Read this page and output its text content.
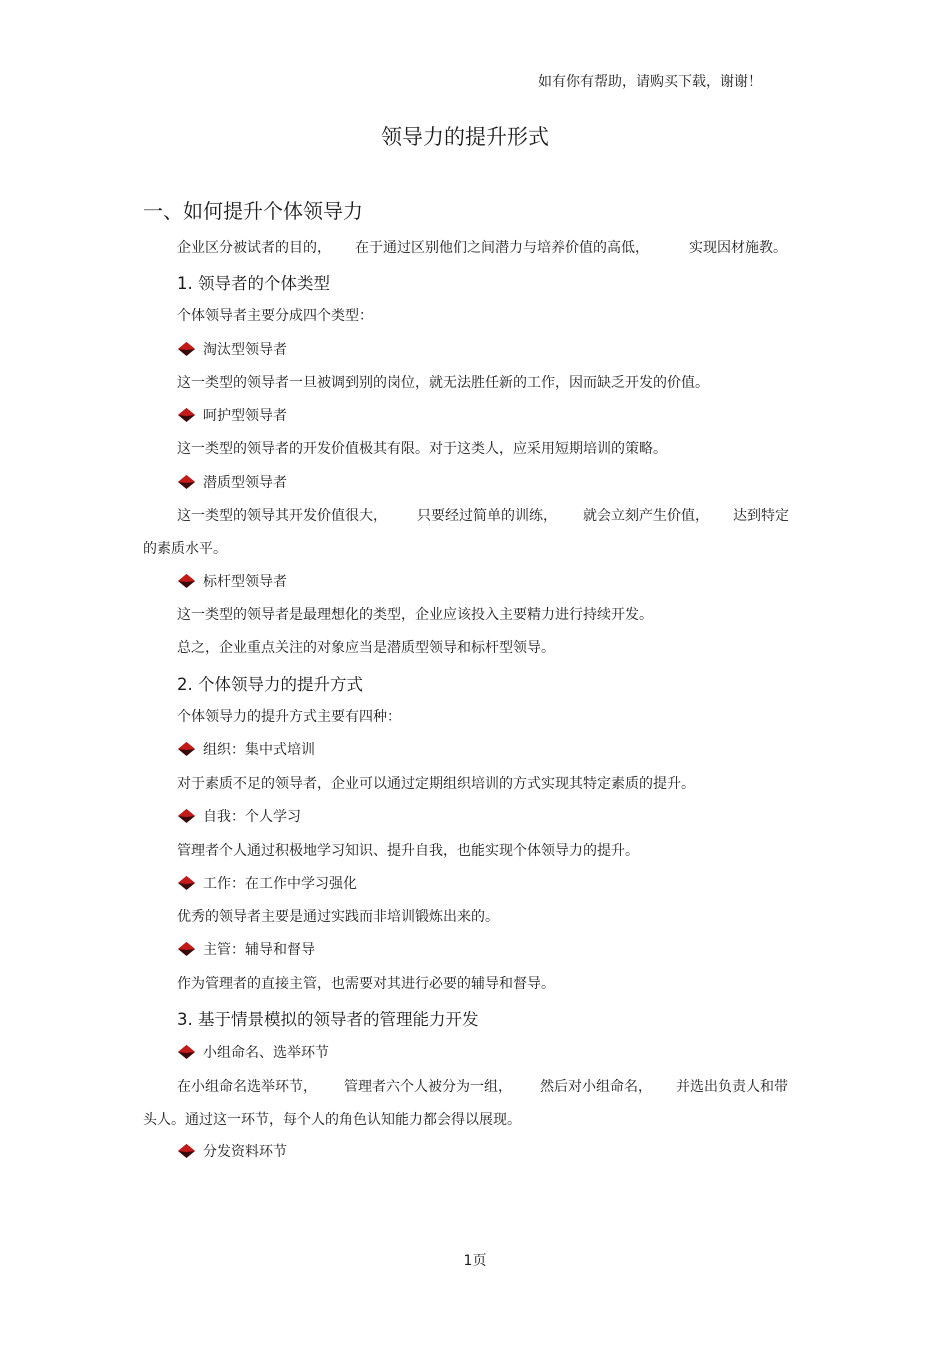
如有你有帮助，请购买下载，谢谢！
领导力的提升形式
一、如何提升个体领导力
企业区分被试者的目的， 在于通过区别他们之间潜力与培养价值的高低，	实现因材施教。
1. 领导者的个体类型
个体领导者主要分成四个类型：
淘汰型领导者
这一类型的领导者一旦被调到别的岗位，就无法胜任新的工作，因而缺乏开发的价值。
呵护型领导者
这一类型的领导者的开发价值极其有限。对于这类人，应采用短期培训的策略。
潜质型领导者
这一类型的领导其开发价值很大， 只要经过简单的训练， 就会立刻产生价值， 达到特定
的素质水平。
标杆型领导者
这一类型的领导者是最理想化的类型，企业应该投入主要精力进行持续开发。
总之，企业重点关注的对象应当是潜质型领导和标杆型领导。
2. 个体领导力的提升方式
个体领导力的提升方式主要有四种：
组织：集中式培训
对于素质不足的领导者，企业可以通过定期组织培训的方式实现其特定素质的提升。
自我：个人学习
管理者个人通过积极地学习知识、提升自我，也能实现个体领导力的提升。
工作：在工作中学习强化
优秀的领导者主要是通过实践而非培训锻炼出来的。
主管：辅导和督导
作为管理者的直接主管，也需要对其进行必要的辅导和督导。
3. 基于情景模拟的领导者的管理能力开发
小组命名、选举环节
在小组命名选举环节， 管理者六个人被分为一组， 然后对小组命名， 并选出负责人和带
头人。通过这一环节，每个人的角色认知能力都会得以展现。
分发资料环节
1页
